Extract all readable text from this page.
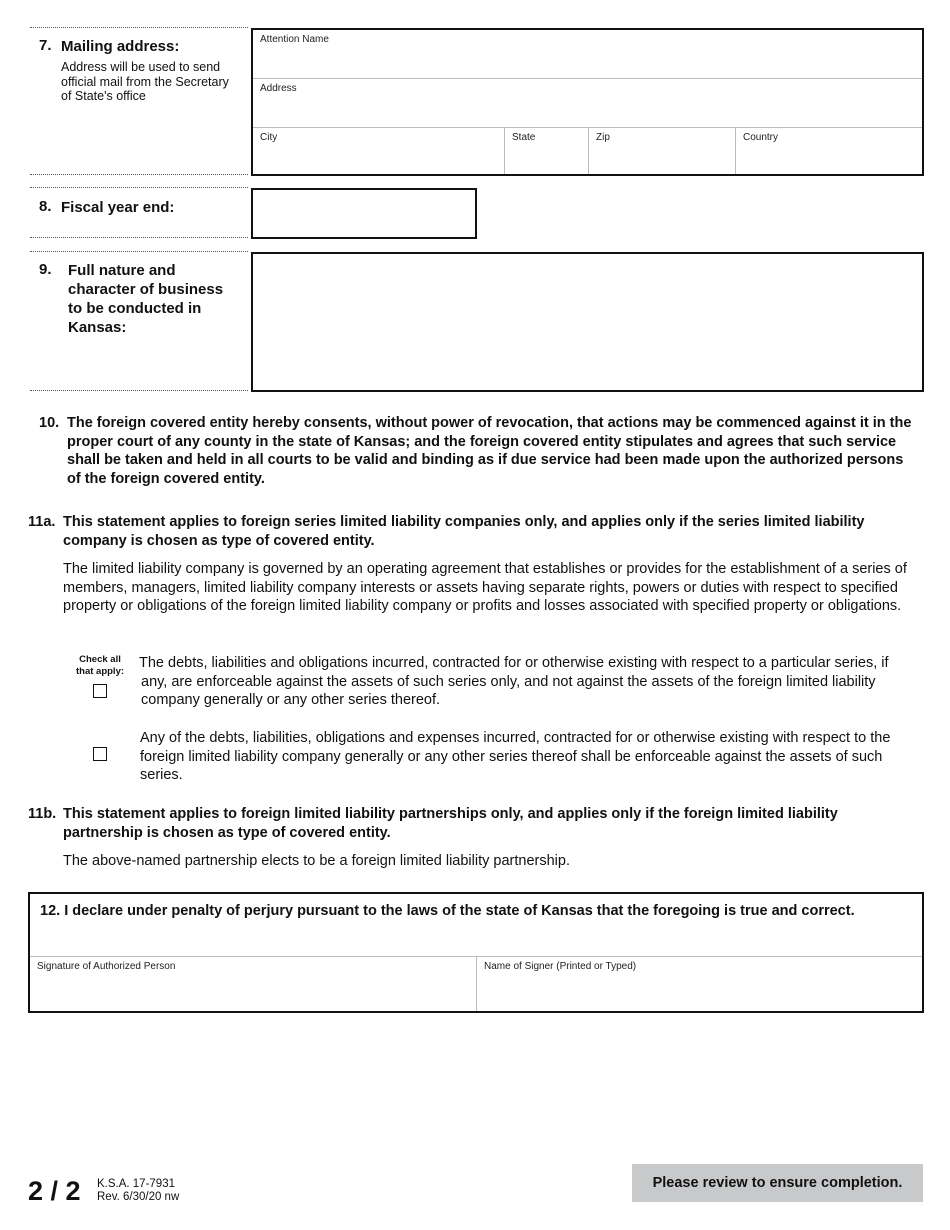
7. Mailing address:
Address will be used to send official mail from the Secretary of State's office
Attention Name
Address
City	State	Zip	Country
8. Fiscal year end:
9. Full nature and character of business to be conducted in Kansas:
10. The foreign covered entity hereby consents, without power of revocation, that actions may be commenced against it in the proper court of any county in the state of Kansas; and the foreign covered entity stipulates and agrees that such service shall be taken and held in all courts to be valid and binding as if due service had been made upon the authorized persons of the foreign covered entity.
11a. This statement applies to foreign series limited liability companies only, and applies only if the series limited liability company is chosen as type of covered entity.
The limited liability company is governed by an operating agreement that establishes or provides for the establishment of a series of members, managers, limited liability company interests or assets having separate rights, powers or duties with respect to specified property or obligations of the foreign limited liability company or profits and losses associated with specified property or obligations.
Check all
that apply:
The debts, liabilities and obligations incurred, contracted for or otherwise existing with respect to a particular series, if any, are enforceable against the assets of such series only, and not against the assets of the foreign limited liability company generally or any other series thereof.
Any of the debts, liabilities, obligations and expenses incurred, contracted for or otherwise existing with respect to the foreign limited liability company generally or any other series thereof shall be enforceable against the assets of such series.
11b. This statement applies to foreign limited liability partnerships only, and applies only if the foreign limited liability partnership is chosen as type of covered entity.
The above-named partnership elects to be a foreign limited liability partnership.
12. I declare under penalty of perjury pursuant to the laws of the state of Kansas that the foregoing is true and correct.
Signature of Authorized Person	Name of Signer (Printed or Typed)
2 / 2 K.S.A. 17-7931
Rev. 6/30/20 nw
Please review to ensure completion.
